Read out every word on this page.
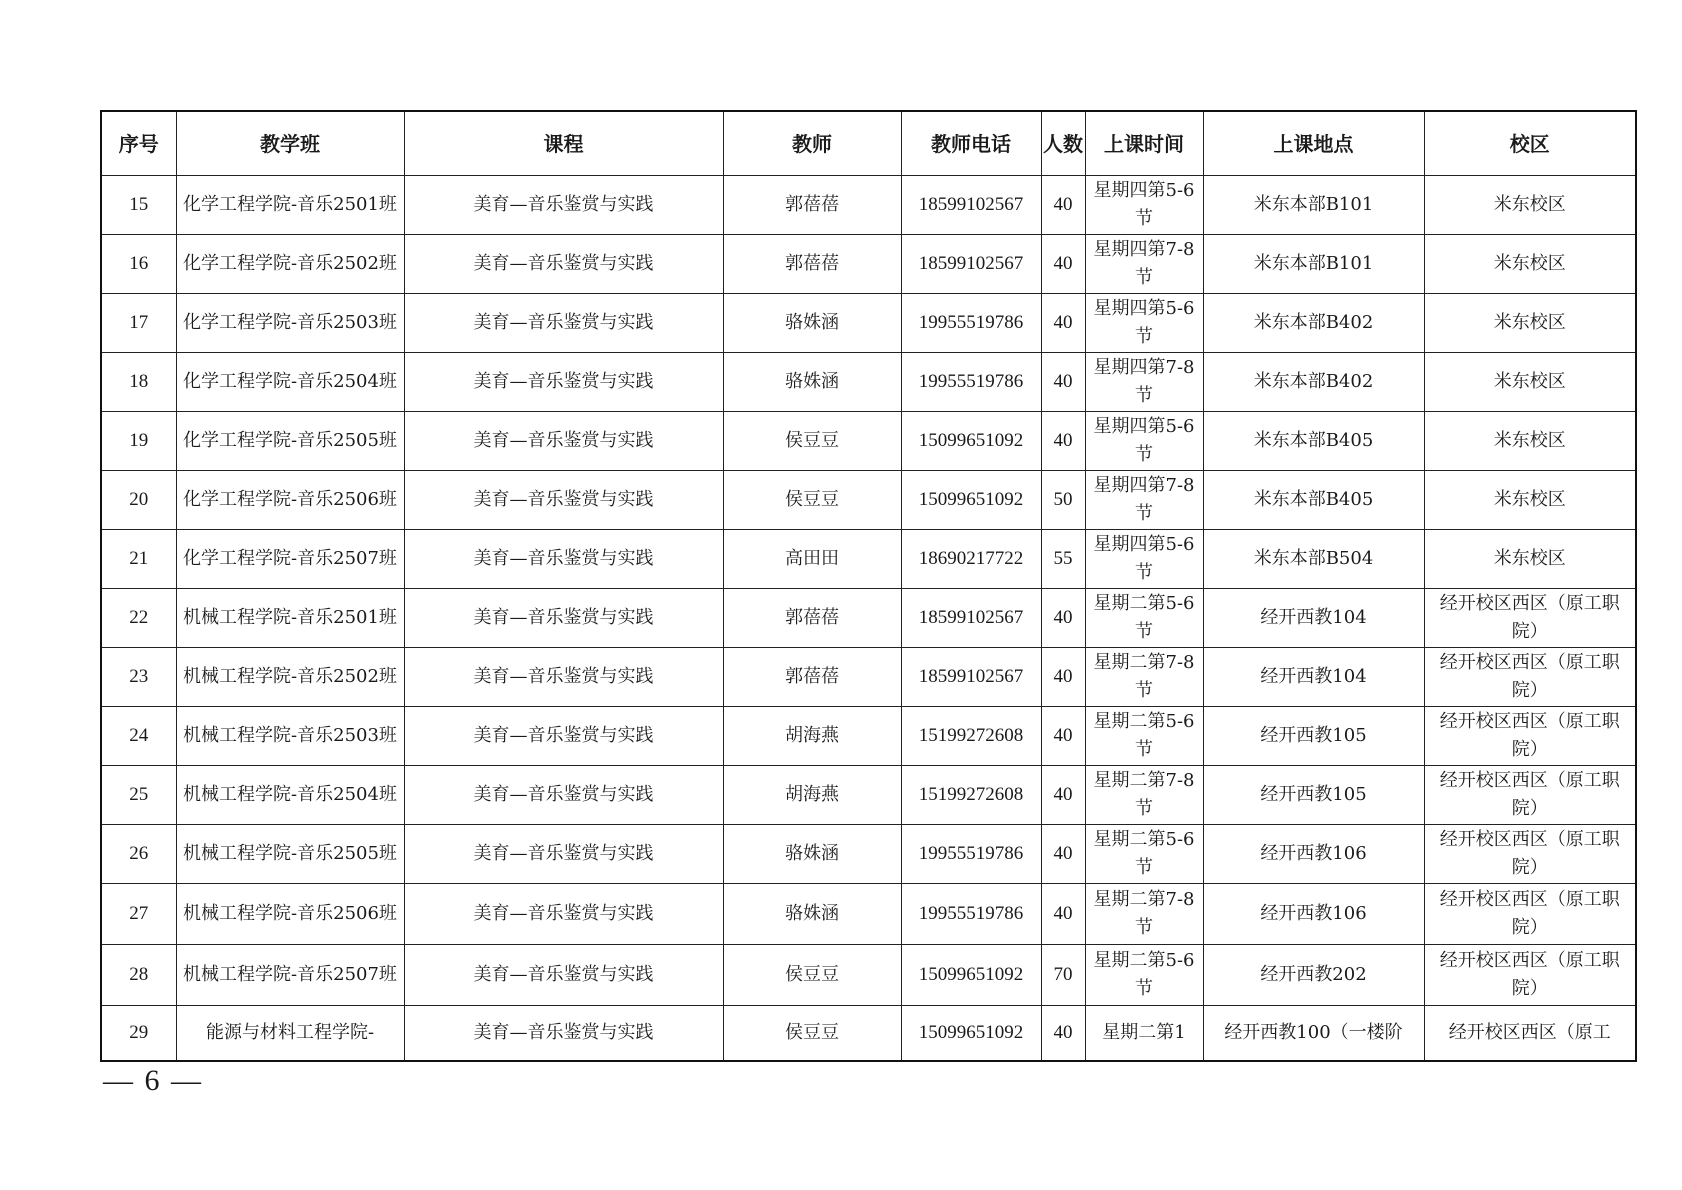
序号	教学班	课程	教师	教师电话	人数	上课时间	上课地点	校区
15	化学工程学院-音乐2501班	美育—音乐鉴赏与实践	郭蓓蓓	18599102567	40	星期四第5-6节	米东本部B101	米东校区
16	化学工程学院-音乐2502班	美育—音乐鉴赏与实践	郭蓓蓓	18599102567	40	星期四第7-8节	米东本部B101	米东校区
17	化学工程学院-音乐2503班	美育—音乐鉴赏与实践	骆姝涵	19955519786	40	星期四第5-6节	米东本部B402	米东校区
18	化学工程学院-音乐2504班	美育—音乐鉴赏与实践	骆姝涵	19955519786	40	星期四第7-8节	米东本部B402	米东校区
19	化学工程学院-音乐2505班	美育—音乐鉴赏与实践	侯豆豆	15099651092	40	星期四第5-6节	米东本部B405	米东校区
20	化学工程学院-音乐2506班	美育—音乐鉴赏与实践	侯豆豆	15099651092	50	星期四第7-8节	米东本部B405	米东校区
21	化学工程学院-音乐2507班	美育—音乐鉴赏与实践	高田田	18690217722	55	星期四第5-6节	米东本部B504	米东校区
22	机械工程学院-音乐2501班	美育—音乐鉴赏与实践	郭蓓蓓	18599102567	40	星期二第5-6节	经开西教104	经开校区西区（原工职院）
23	机械工程学院-音乐2502班	美育—音乐鉴赏与实践	郭蓓蓓	18599102567	40	星期二第7-8节	经开西教104	经开校区西区（原工职院）
24	机械工程学院-音乐2503班	美育—音乐鉴赏与实践	胡海燕	15199272608	40	星期二第5-6节	经开西教105	经开校区西区（原工职院）
25	机械工程学院-音乐2504班	美育—音乐鉴赏与实践	胡海燕	15199272608	40	星期二第7-8节	经开西教105	经开校区西区（原工职院）
26	机械工程学院-音乐2505班	美育—音乐鉴赏与实践	骆姝涵	19955519786	40	星期二第5-6节	经开西教106	经开校区西区（原工职院）
27	机械工程学院-音乐2506班	美育—音乐鉴赏与实践	骆姝涵	19955519786	40	星期二第7-8节	经开西教106	经开校区西区（原工职院）
28	机械工程学院-音乐2507班	美育—音乐鉴赏与实践	侯豆豆	15099651092	70	星期二第5-6节	经开西教202	经开校区西区（原工职院）
29	能源与材料工程学院-	美育—音乐鉴赏与实践	侯豆豆	15099651092	40	星期二第1	经开西教100（一楼阶	经开校区西区（原工
— 6 —
